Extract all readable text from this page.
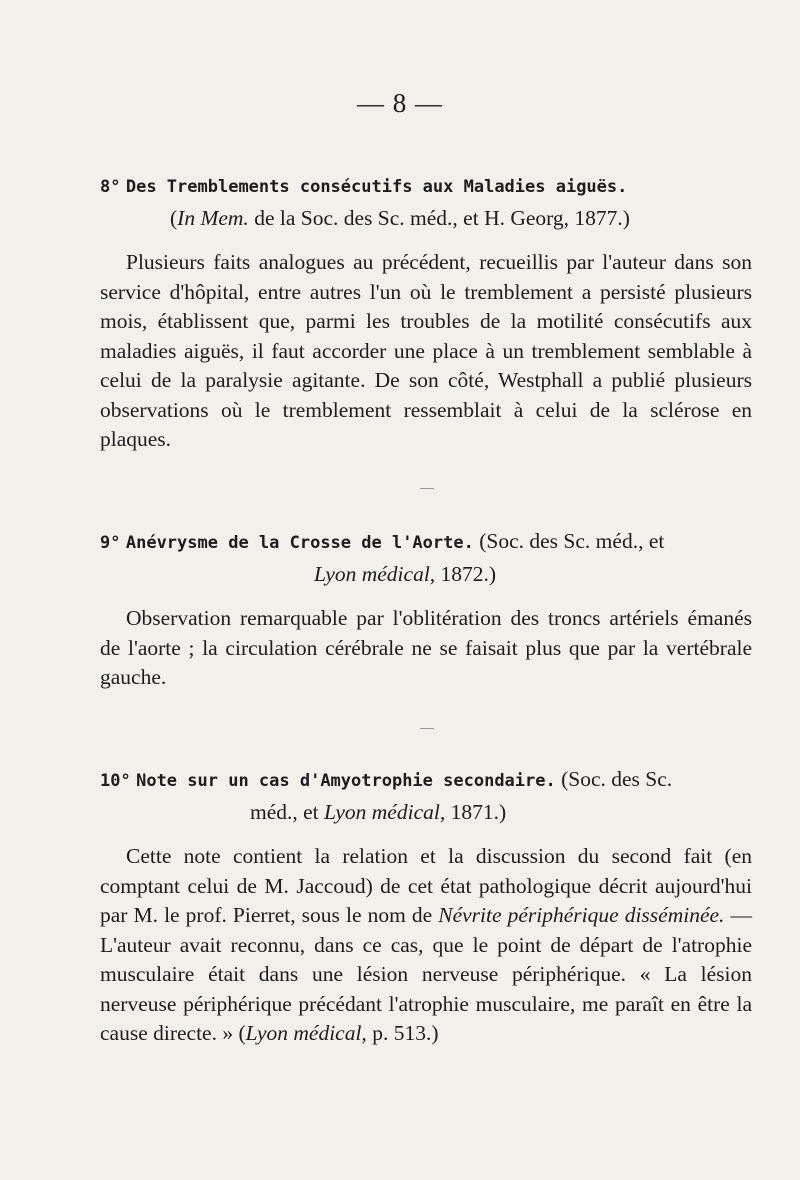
— 8 —
8° Des Tremblements consécutifs aux Maladies aiguës.
(In Mem. de la Soc. des Sc. méd., et H. Georg, 1877.)
Plusieurs faits analogues au précédent, recueillis par l'auteur dans son service d'hôpital, entre autres l'un où le tremblement a persisté plusieurs mois, établissent que, parmi les troubles de la motilité consécutifs aux maladies aiguës, il faut accorder une place à un tremblement semblable à celui de la paralysie agitante. De son côté, Westphall a publié plusieurs observations où le tremblement ressemblait à celui de la sclérose en plaques.
9° Anévrysme de la Crosse de l'Aorte. (Soc. des Sc. méd., et
Lyon médical, 1872.)
Observation remarquable par l'oblitération des troncs artériels émanés de l'aorte ; la circulation cérébrale ne se faisait plus que par la vertébrale gauche.
10° Note sur un cas d'Amyotrophie secondaire. (Soc. des Sc.
méd., et Lyon médical, 1871.)
Cette note contient la relation et la discussion du second fait (en comptant celui de M. Jaccoud) de cet état pathologique décrit aujourd'hui par M. le prof. Pierret, sous le nom de Névrite périphérique disséminée. — L'auteur avait reconnu, dans ce cas, que le point de départ de l'atrophie musculaire était dans une lésion nerveuse périphérique. « La lésion nerveuse périphérique précédant l'atrophie musculaire, me paraît en être la cause directe. » (Lyon médical, p. 513.)
